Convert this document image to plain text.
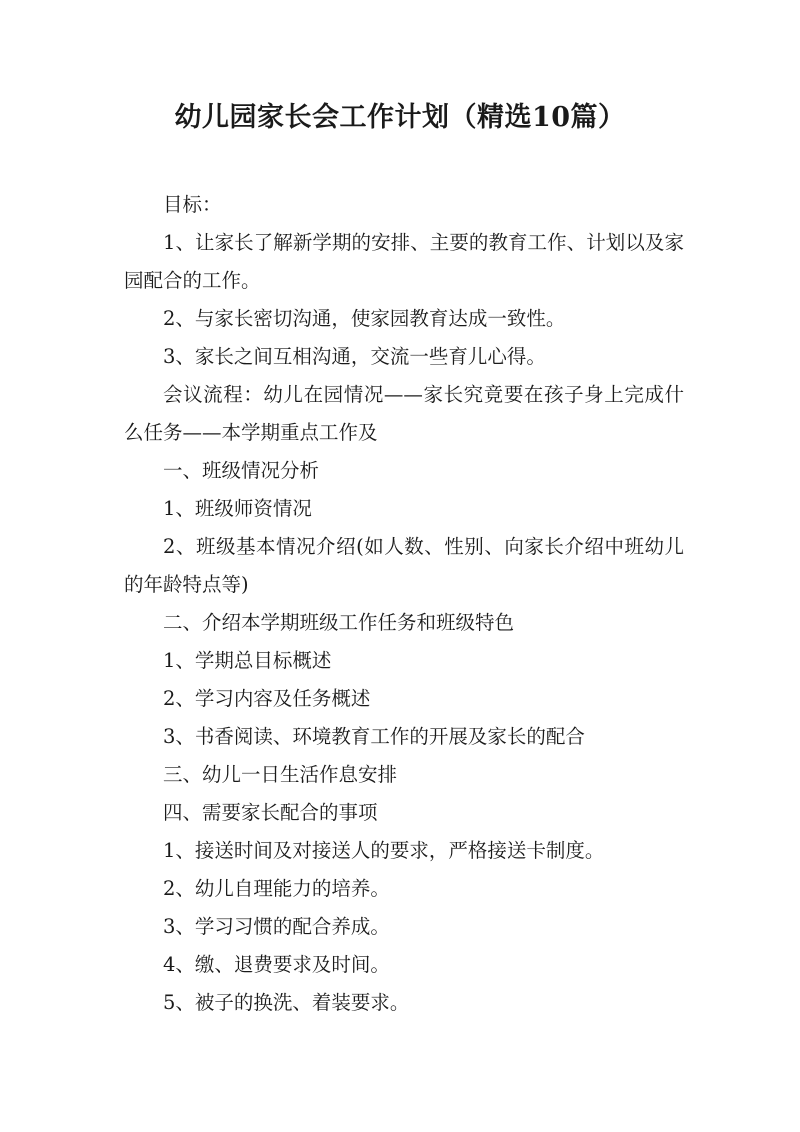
幼儿园家长会工作计划（精选10篇）

目标：

1、让家长了解新学期的安排、主要的教育工作、计划以及家园配合的工作。

2、与家长密切沟通，使家园教育达成一致性。

3、家长之间互相沟通，交流一些育儿心得。

会议流程：幼儿在园情况——家长究竟要在孩子身上完成什么任务——本学期重点工作及

一、班级情况分析

1、班级师资情况

2、班级基本情况介绍(如人数、性别、向家长介绍中班幼儿的年龄特点等)

二、介绍本学期班级工作任务和班级特色

1、学期总目标概述

2、学习内容及任务概述

3、书香阅读、环境教育工作的开展及家长的配合

三、幼儿一日生活作息安排

四、需要家长配合的事项

1、接送时间及对接送人的要求，严格接送卡制度。

2、幼儿自理能力的培养。

3、学习习惯的配合养成。

4、缴、退费要求及时间。

5、被子的换洗、着装要求。
